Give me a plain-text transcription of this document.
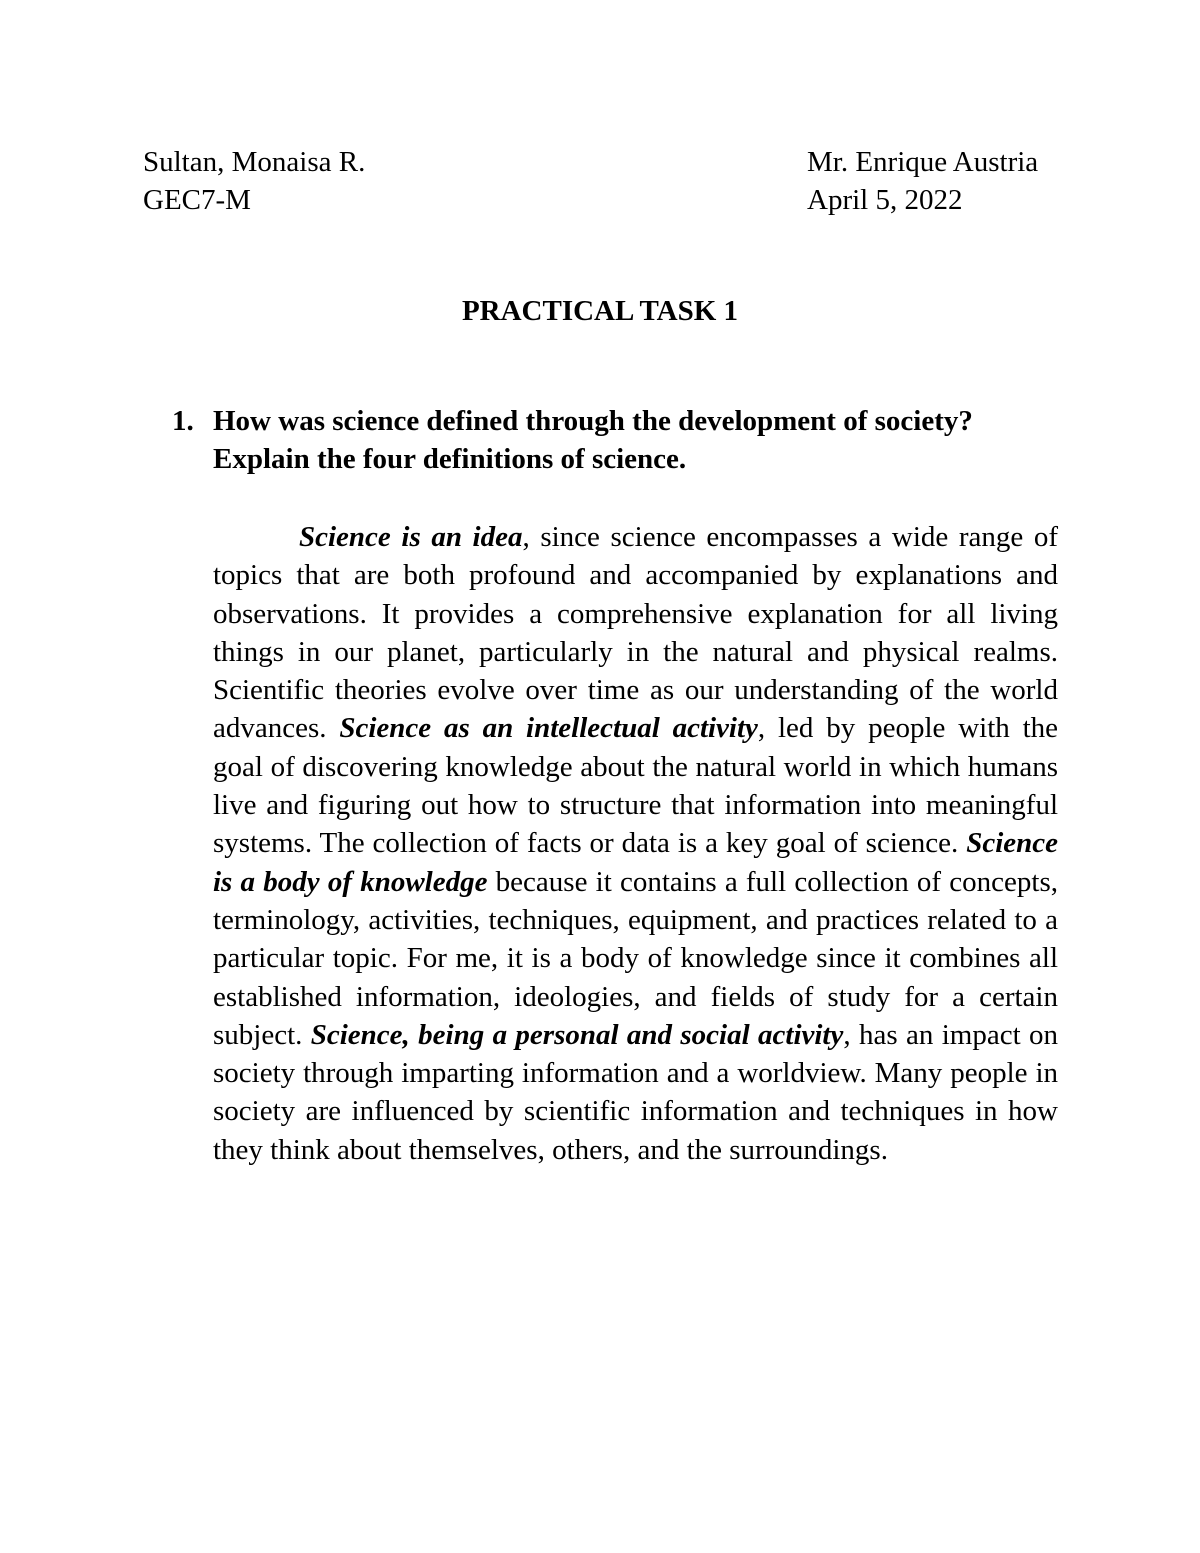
Sultan, Monaisa R.
GEC7-M
Mr. Enrique Austria
April 5, 2022
PRACTICAL TASK 1
1. How was science defined through the development of society? Explain the four definitions of science.
Science is an idea, since science encompasses a wide range of topics that are both profound and accompanied by explanations and observations. It provides a comprehensive explanation for all living things in our planet, particularly in the natural and physical realms. Scientific theories evolve over time as our understanding of the world advances. Science as an intellectual activity, led by people with the goal of discovering knowledge about the natural world in which humans live and figuring out how to structure that information into meaningful systems. The collection of facts or data is a key goal of science. Science is a body of knowledge because it contains a full collection of concepts, terminology, activities, techniques, equipment, and practices related to a particular topic. For me, it is a body of knowledge since it combines all established information, ideologies, and fields of study for a certain subject. Science, being a personal and social activity, has an impact on society through imparting information and a worldview. Many people in society are influenced by scientific information and techniques in how they think about themselves, others, and the surroundings.
